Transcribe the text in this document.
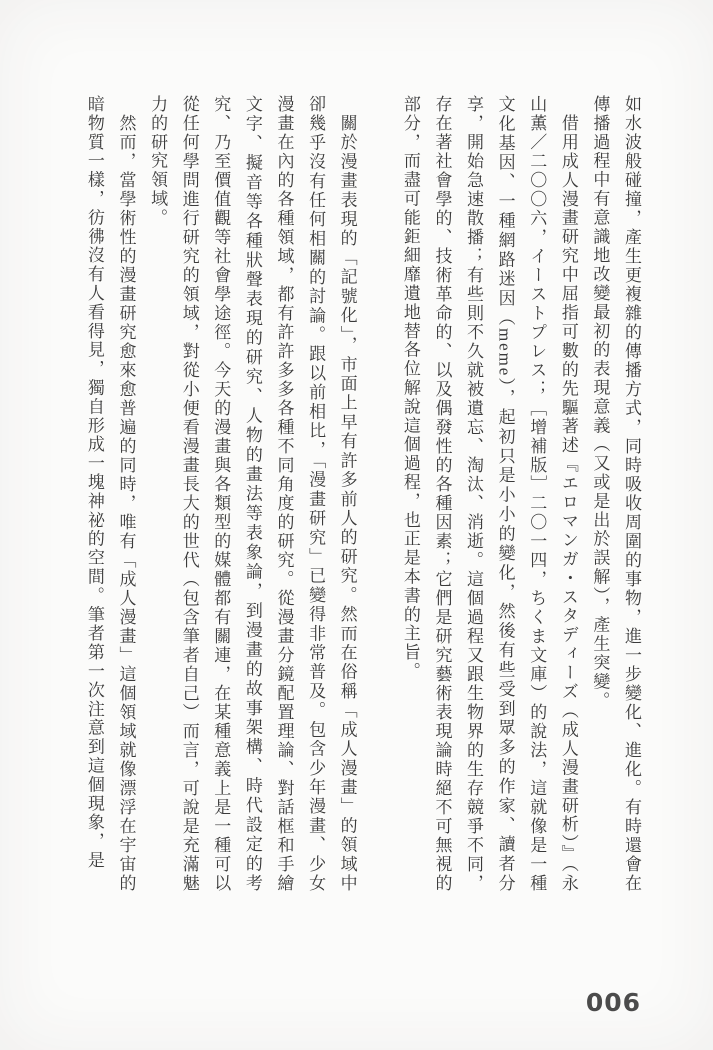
如水波般碰撞，產生更複雜的傳播方式，同時吸收周圍的事物，進一步變化、進化。有時還會在傳播過程中有意識地改變最初的表現意義（又或是出於誤解），產生突變。

借用成人漫畫研究中屈指可數的先驅著述『エロマンガ・スタディーズ（成人漫畫研析）』（永山薫／二〇〇六，イーストプレス；［增補版］二〇一四，ちくま文庫）的說法，這就像是一種文化基因、一種網路迷因（meme），起初只是小小的變化，然後有些受到眾多的作家、讀者分享，開始急速散播；有些則不久就被遺忘、淘汰、消逝。這個過程又跟生物界的生存競爭不同，存在著社會學的、技術革命的、以及偶發性的各種因素；它們是研究藝術表現論時絕不可無視的部分，而盡可能鉅細靡遺地替各位解說這個過程，也正是本書的主旨。

關於漫畫表現的「記號化」，市面上早有許多前人的研究。然而在俗稱「成人漫畫」的領域中卻幾乎沒有任何相關的討論。跟以前相比，「漫畫研究」已變得非常普及。包含少年漫畫、少女漫畫在內的各種領域，都有許許多多各種不同角度的研究。從漫畫分鏡配置理論、對話框和手繪文字、擬音等各種狀聲表現的研究、人物的畫法等表象論，到漫畫的故事架構、時代設定的考究、乃至價值觀等社會學途徑。今天的漫畫與各類型的媒體都有關連，在某種意義上是一種可以從任何學問進行研究的領域，對從小便看漫畫長大的世代（包含筆者自己）而言，可說是充滿魅力的研究領域。

然而，當學術性的漫畫研究愈來愈普遍的同時，唯有「成人漫畫」這個領域就像漂浮在宇宙的暗物質一樣，彷彿沒有人看得見，獨自形成一塊神祕的空間。筆者第一次注意到這個現象，是

006
